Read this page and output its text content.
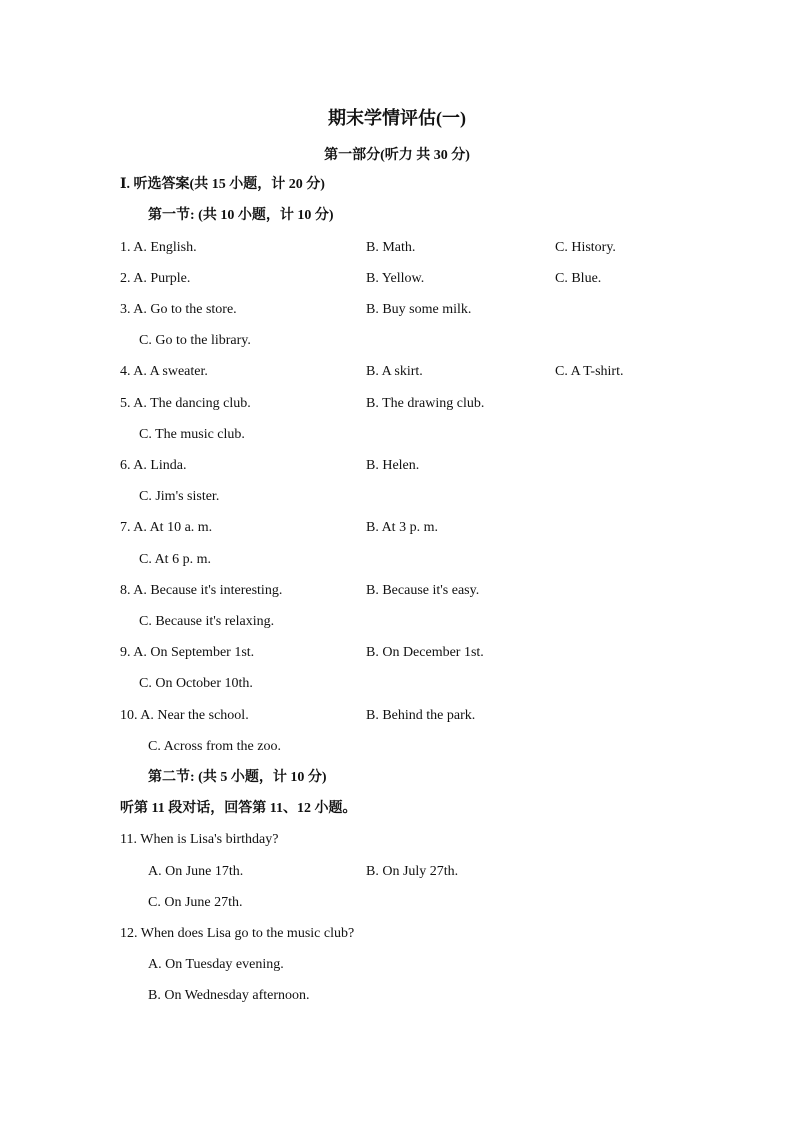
期末学情评估(一)
第一部分(听力 共 30 分)
Ⅰ. 听选答案(共 15 小题，计 20 分)
第一节: (共 10 小题，计 10 分)
1. A. English.	B. Math.	C. History.
2. A. Purple.	B. Yellow.	C. Blue.
3. A. Go to the store.	B. Buy some milk.
C. Go to the library.
4. A. A sweater.	B. A skirt.	C. A T-shirt.
5. A. The dancing club.	B. The drawing club.
C. The music club.
6. A. Linda.	B. Helen.
C. Jim's sister.
7. A. At 10 a. m.	B. At 3 p. m.
C. At 6 p. m.
8. A. Because it's interesting.	B. Because it's easy.
C. Because it's relaxing.
9. A. On September 1st.	B. On December 1st.
C. On October 10th.
10. A. Near the school.	B. Behind the park.
C. Across from the zoo.
第二节: (共 5 小题，计 10 分)
听第 11 段对话，回答第 11、12 小题。
11. When is Lisa's birthday?
A. On June 17th.	B. On July 27th.
C. On June 27th.
12. When does Lisa go to the music club?
A. On Tuesday evening.
B. On Wednesday afternoon.
